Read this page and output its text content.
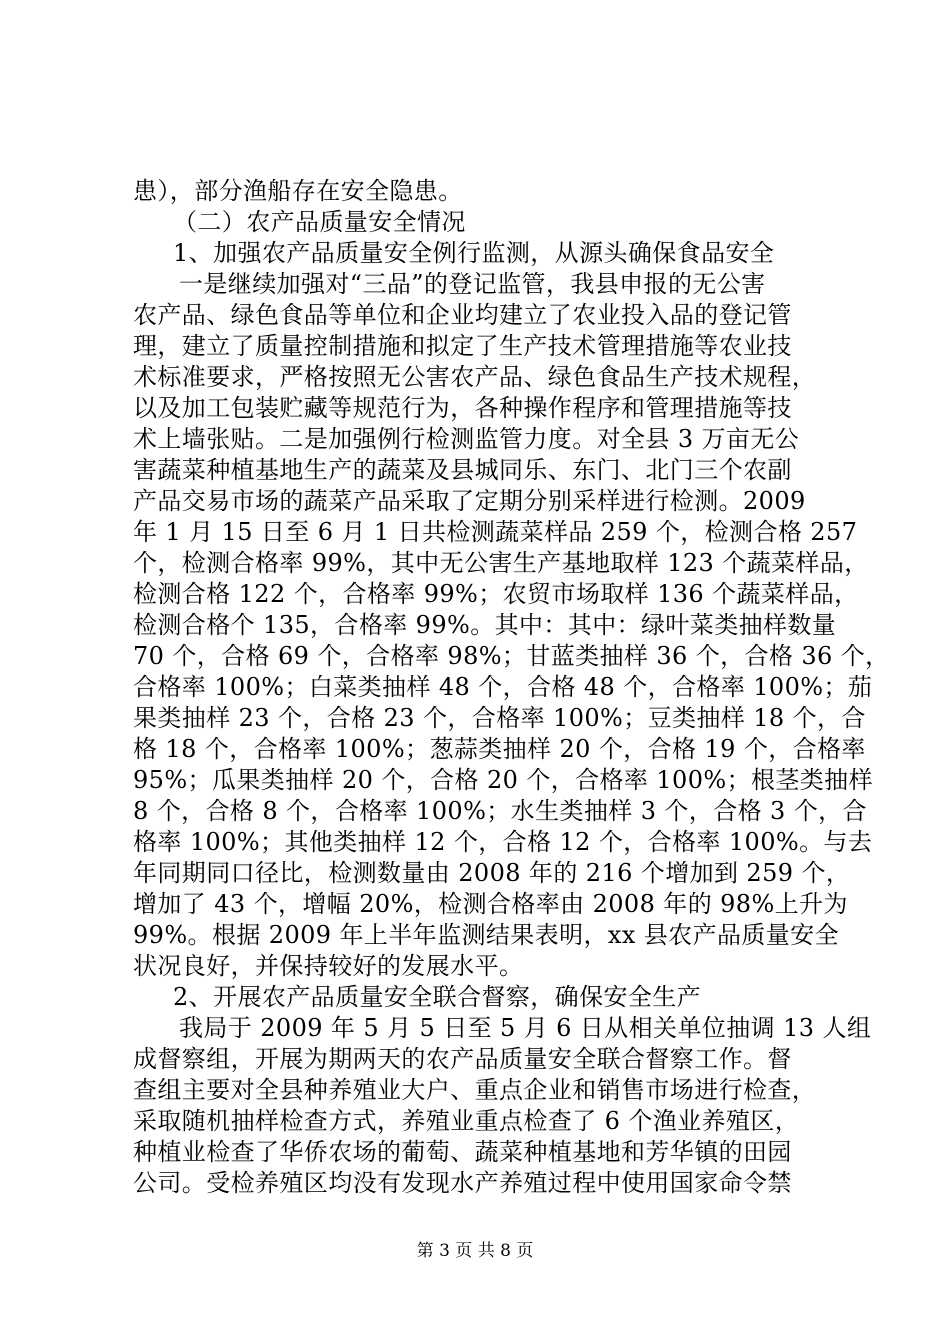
患），部分渔船存在安全隐患。
（二）农产品质量安全情况
1、加强农产品质量安全例行监测，从源头确保食品安全
一是继续加强对“三品”的登记监管，我县申报的无公害
农产品、绿色食品等单位和企业均建立了农业投入品的登记管
理，建立了质量控制措施和拟定了生产技术管理措施等农业技
术标准要求，严格按照无公害农产品、绿色食品生产技术规程，
以及加工包装贮藏等规范行为，各种操作程序和管理措施等技
术上墙张贴。二是加强例行检测监管力度。对全县 3 万亩无公
害蔬菜种植基地生产的蔬菜及县城同乐、东门、北门三个农副
产品交易市场的蔬菜产品采取了定期分别采样进行检测。2009
年 1 月 15 日至 6 月 1 日共检测蔬菜样品 259 个，检测合格 257
个，检测合格率 99%，其中无公害生产基地取样 123 个蔬菜样品，
检测合格 122 个，合格率 99%；农贸市场取样 136 个蔬菜样品，
检测合格个 135，合格率 99%。其中：其中：绿叶菜类抽样数量
70 个，合格 69 个，合格率 98%；甘蓝类抽样 36 个，合格 36 个，
合格率 100%；白菜类抽样 48 个，合格 48 个，合格率 100%；茄
果类抽样 23 个，合格 23 个，合格率 100%；豆类抽样 18 个，合
格 18 个，合格率 100%；葱蒜类抽样 20 个，合格 19 个，合格率
95%；瓜果类抽样 20 个，合格 20 个，合格率 100%；根茎类抽样
8 个，合格 8 个，合格率 100%；水生类抽样 3 个，合格 3 个，合
格率 100%；其他类抽样 12 个，合格 12 个，合格率 100%。与去
年同期同口径比，检测数量由 2008 年的 216 个增加到 259 个，
增加了 43 个，增幅 20%，检测合格率由 2008 年的 98%上升为
99%。根据 2009 年上半年监测结果表明，xx 县农产品质量安全
状况良好，并保持较好的发展水平。
2、开展农产品质量安全联合督察，确保安全生产
我局于 2009 年 5 月 5 日至 5 月 6 日从相关单位抽调 13 人组
成督察组，开展为期两天的农产品质量安全联合督察工作。督
查组主要对全县种养殖业大户、重点企业和销售市场进行检查，
采取随机抽样检查方式，养殖业重点检查了 6 个渔业养殖区，
种植业检查了华侨农场的葡萄、蔬菜种植基地和芳华镇的田园
公司。受检养殖区均没有发现水产养殖过程中使用国家命令禁
第 3 页 共 8 页
